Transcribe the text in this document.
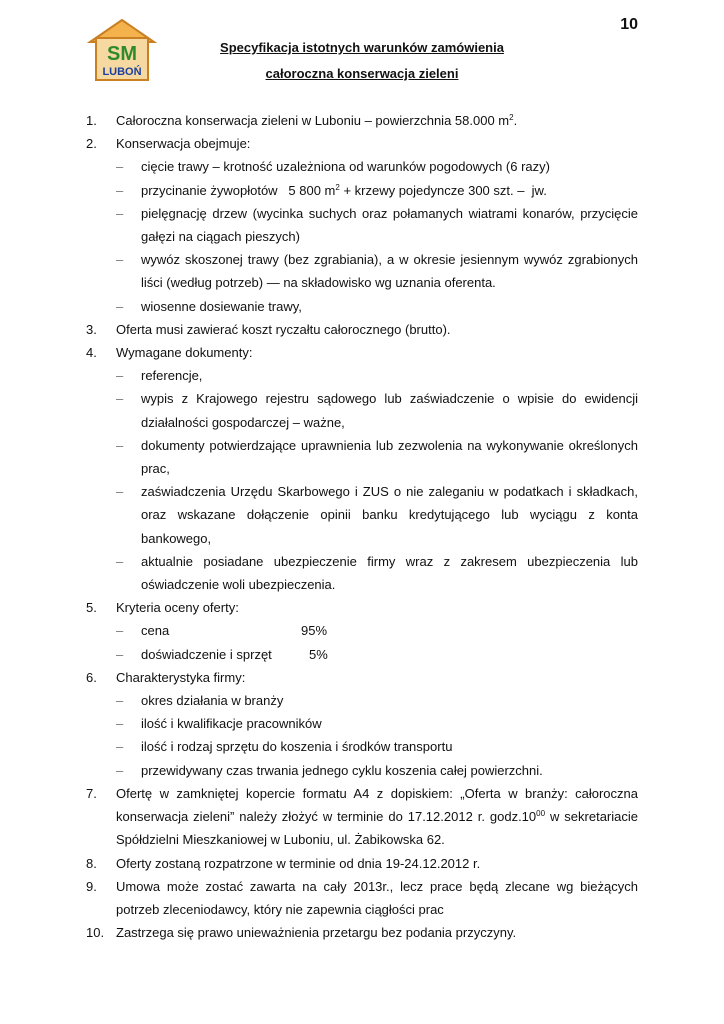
10
SM
LUBOŃ
Specyfikacja istotnych warunków zamówienia
całoroczna konserwacja zieleni
1.	Całoroczna konserwacja zieleni w Luboniu – powierzchnia 58.000 $m^2$.
2.	Konserwacja obejmuje:
–	cięcie trawy – krotność uzależniona od warunków pogodowych (6 razy)
–	przycinanie żywopłotów   5 800 $m^2$ + krzewy pojedyncze 300 szt. –  jw.
–	pielęgnację drzew (wycinka suchych oraz połamanych wiatrami konarów, przycięcie gałęzi na ciągach pieszych)
–	wywóz skoszonej trawy (bez zgrabiania), a w okresie jesiennym wywóz zgrabionych liści (według potrzeb) — na składowisko wg uznania oferenta.
–	wiosenne dosiewanie trawy,
3.	Oferta musi zawierać koszt ryczałtu całorocznego (brutto).
4.	Wymagane dokumenty:
–	referencje,
–	wypis z Krajowego rejestru sądowego lub zaświadczenie o wpisie do ewidencji działalności gospodarczej – ważne,
–	dokumenty potwierdzające uprawnienia lub zezwolenia na wykonywanie określonych prac,
–	zaświadczenia Urzędu Skarbowego i ZUS o nie zaleganiu w podatkach i składkach, oraz wskazane dołączenie opinii banku kredytującego lub wyciągu z konta bankowego,
–	aktualnie posiadane ubezpieczenie firmy wraz z zakresem ubezpieczenia lub oświadczenie woli ubezpieczenia.
5.	Kryteria oceny oferty:
–	cena	95%
–	doświadczenie i sprzęt	5%
6.	Charakterystyka firmy:
–	okres działania w branży
–	ilość i kwalifikacje pracowników
–	ilość i rodzaj sprzętu do koszenia i środków transportu
–	przewidywany czas trwania jednego cyklu koszenia całej powierzchni.
7.	Ofertę w zamkniętej kopercie formatu A4 z dopiskiem: „Oferta w branży: całoroczna konserwacja zieleni” należy złożyć w terminie do 17.12.2012 r. $godz.10^{00}$ w sekretariacie Spółdzielni Mieszkaniowej w Luboniu, ul. Żabikowska 62.
8.	Oferty zostaną rozpatrzone w terminie od dnia 19-24.12.2012 r.
9.	Umowa może zostać zawarta na cały 2013r., lecz prace będą zlecane wg bieżących potrzeb zleceniodawcy, który nie zapewnia ciągłości prac
10. Zastrzega się prawo unieważnienia przetargu bez podania przyczyny.
